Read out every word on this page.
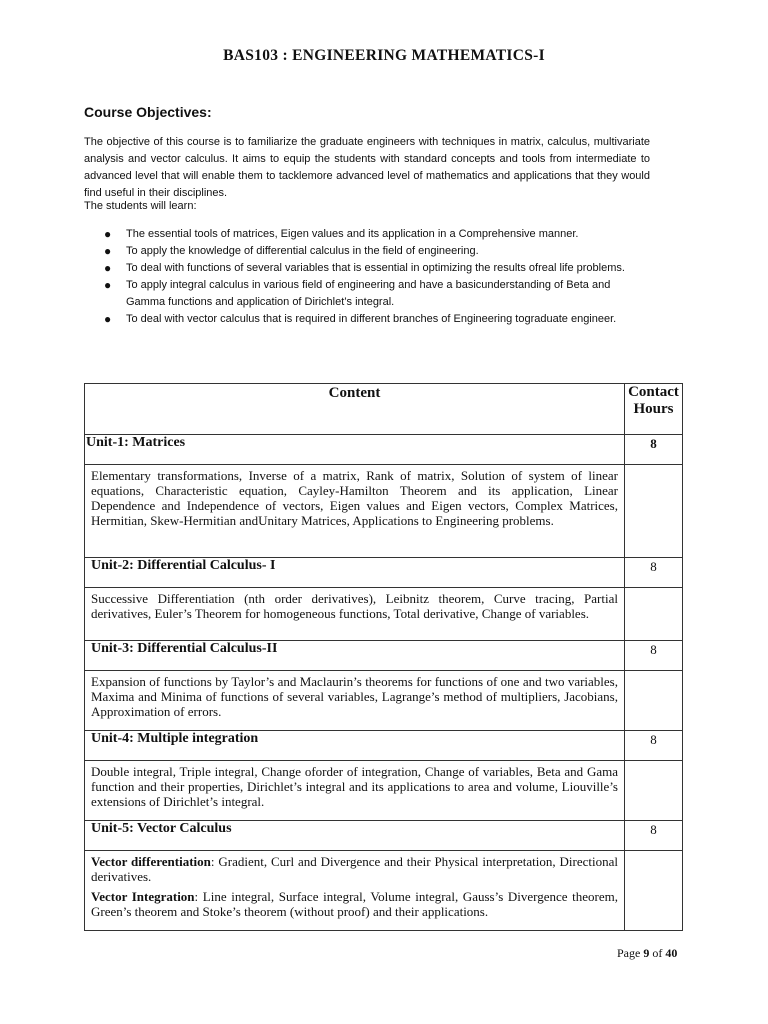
BAS103 : ENGINEERING MATHEMATICS-I
Course Objectives:
The objective of this course is to familiarize the graduate engineers with techniques in matrix, calculus, multivariate analysis and vector calculus. It aims to equip the students with standard concepts and tools from intermediate to advanced level that will enable them to tacklemore advanced level of mathematics and applications that they would find useful in their disciplines.
The students will learn:
● The essential tools of matrices, Eigen values and its application in a Comprehensive manner.
● To apply the knowledge of differential calculus in the field of engineering.
● To deal with functions of several variables that is essential in optimizing the results ofreal life problems.
● To apply integral calculus in various field of engineering and have a basicunderstanding of Beta and Gamma functions and application of Dirichlet’s integral.
● To deal with vector calculus that is required in different branches of Engineering tograduate engineer.
Content	Contact
Hours

Unit-1: Matrices	8
Elementary transformations, Inverse of a matrix, Rank of matrix, Solution of system of linear equations, Characteristic equation, Cayley-Hamilton Theorem and its application, Linear Dependence and Independence of vectors, Eigen values and Eigen vectors, Complex Matrices, Hermitian, Skew-Hermitian andUnitary Matrices, Applications to Engineering problems.	
Unit-2: Differential Calculus- I	8
Successive Differentiation (nth order derivatives), Leibnitz theorem, Curve tracing, Partial derivatives, Euler’s Theorem for homogeneous functions, Total derivative, Change of variables.	
Unit-3: Differential Calculus-II	8
Expansion of functions by Taylor’s and Maclaurin’s theorems for functions of one and two variables, Maxima and Minima of functions of several variables, Lagrange’s method of multipliers, Jacobians, Approximation of errors.	
Unit-4: Multiple integration	8
Double integral, Triple integral, Change oforder of integration, Change of variables, Beta and Gama function and their properties, Dirichlet’s integral and its applications to area and volume, Liouville’s extensions of Dirichlet’s integral.	
Unit-5: Vector Calculus	8

Vector differentiation: Gradient, Curl and Divergence and their Physical interpretation, Directional derivatives.

Vector Integration: Line integral, Surface integral, Volume integral, Gauss’s Divergence theorem, Green’s theorem and Stoke’s theorem (without proof) and their applications.	

Page 9 of 40
